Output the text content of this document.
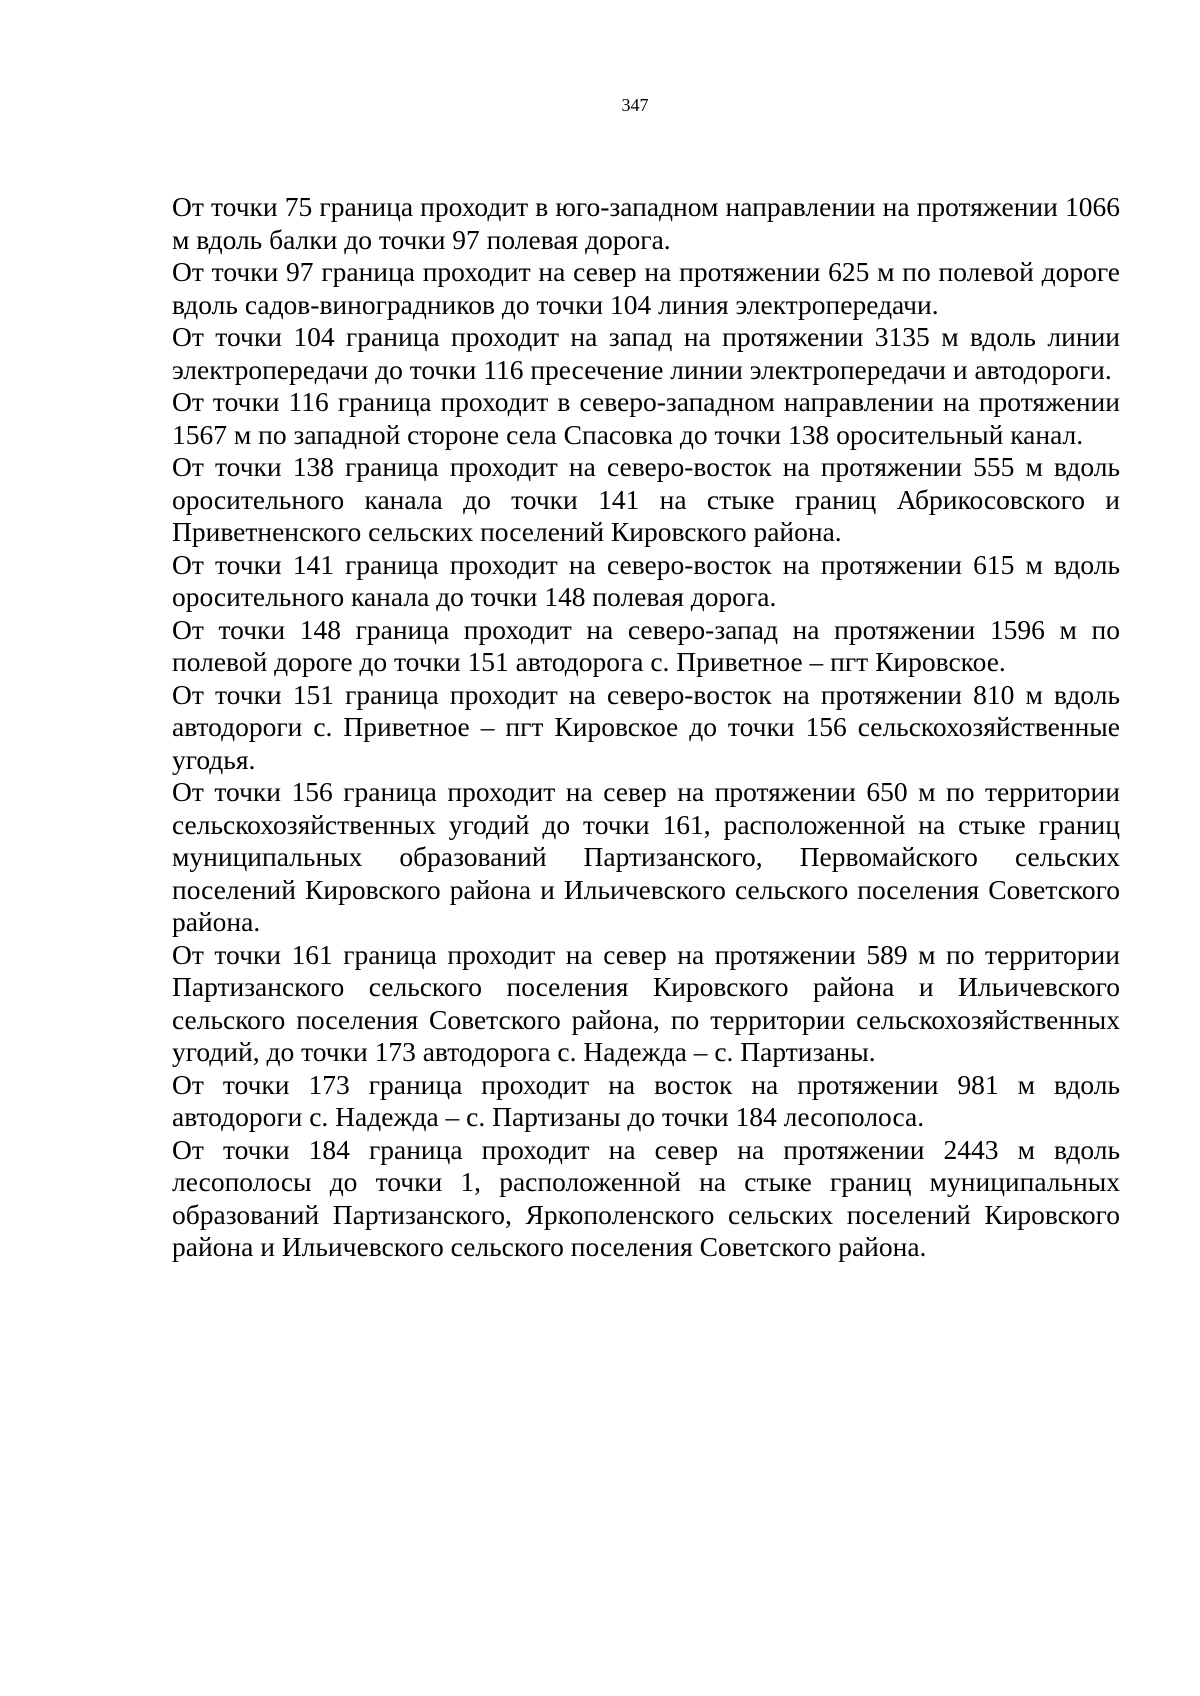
347

От точки 75 граница проходит в юго-западном направлении на протяжении 1066 м вдоль балки до точки 97 полевая дорога.

От точки 97 граница проходит на север на протяжении 625 м по полевой дороге вдоль садов-виноградников до точки 104 линия электропередачи.

От точки 104 граница проходит на запад на протяжении 3135 м вдоль линии электропередачи до точки 116 пресечение линии электропередачи и автодороги.

От точки 116 граница проходит в северо-западном направлении на протяжении 1567 м по западной стороне села Спасовка до точки 138 оросительный канал.

От точки 138 граница проходит на северо-восток на протяжении 555 м вдоль оросительного канала до точки 141 на стыке границ Абрикосовского и Приветненского сельских поселений Кировского района.

От точки 141 граница проходит на северо-восток на протяжении 615 м вдоль оросительного канала до точки 148 полевая дорога.

От точки 148 граница проходит на северо-запад на протяжении 1596 м по полевой дороге до точки 151 автодорога с. Приветное – пгт Кировское.

От точки 151 граница проходит на северо-восток на протяжении 810 м вдоль автодороги с. Приветное – пгт Кировское до точки 156 сельскохозяйственные угодья.

От точки 156 граница проходит на север на протяжении 650 м по территории сельскохозяйственных угодий до точки 161, расположенной на стыке границ муниципальных образований Партизанского, Первомайского сельских поселений Кировского района и Ильичевского сельского поселения Советского района.

От точки 161 граница проходит на север на протяжении 589 м по территории Партизанского сельского поселения Кировского района и Ильичевского сельского поселения Советского района, по территории сельскохозяйственных угодий, до точки 173 автодорога с. Надежда – с. Партизаны.

От точки 173 граница проходит на восток на протяжении 981 м вдоль автодороги с. Надежда – с. Партизаны до точки 184 лесополоса.

От точки 184 граница проходит на север на протяжении 2443 м вдоль лесополосы до точки 1, расположенной на стыке границ муниципальных образований Партизанского, Яркополенского сельских поселений Кировского района и Ильичевского сельского поселения Советского района.
